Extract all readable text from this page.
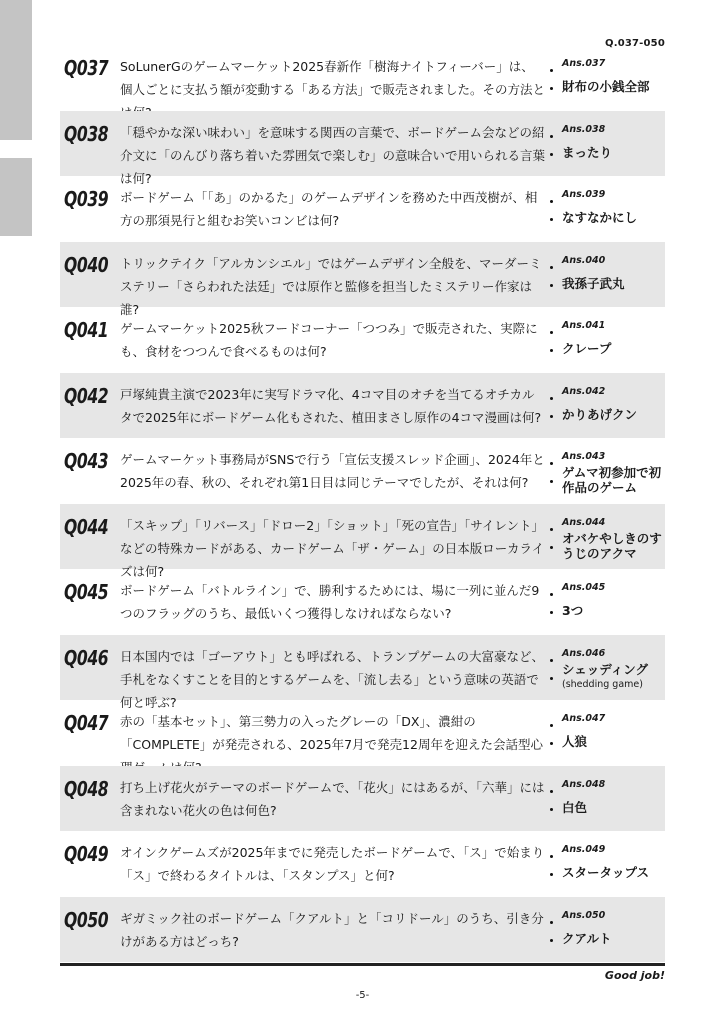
Q.037-050
Q037 SoLunerGのゲームマーケット2025春新作「樹海ナイトフィーバー」は、個人ごとに支払う額が変動する「ある方法」で販売されました。その方法と
Ans.037
財布の小銭全部
Q038 「穏やかな深い味わい」を意味する関西の言葉で、ボードゲーム会などの紹介文に「のんびり落ち着いた雰囲気で楽しむ」の意味合いで用いられる言葉は何?
Ans.038
まったり
Q039 ボードゲーム「「あ」のかるた」のゲームデザインを務めた中西茂樹が、相方の那須晃行と組むお笑いコンビは何?
Ans.039
なすなかにし
Q040 トリックテイク「アルカンシエル」ではゲームデザイン全般を、マーダーミステリー「さらわれた法廷」では原作と監修を担当したミステリー作家は誰?
Ans.040
我孫子武丸
Q041 ゲームマーケット2025秋フードコーナー「つつみ」で販売された、実際にも、食材をつつんで食べるものは何?
Ans.041
クレープ
Q042 戸塚純貴主演で2023年に実写ドラマ化、4コマ目のオチを当てるオチカルタで2025年にボードゲーム化もされた、植田まさし原作の4コマ漫画は何?
Ans.042
かりあげクン
Q043 ゲームマーケット事務局がSNSで行う「宣伝支援スレッド企画」、2024年と2025年の春、秋の、それぞれ第1日目は同じテーマでしたが、それは何?
Ans.043
ゲムマ初参加で初作品のゲーム
Q044 「スキップ」「リバース」「ドロー2」「ショット」「死の宣告」「サイレント」などの特殊カードがある、カードゲーム「ザ・ゲーム」の日本版ローカライズは何?
Ans.044
オバケやしきのすうじのアクマ
Q045 ボードゲーム「バトルライン」で、勝利するためには、場に一列に並んだ9つのフラッグのうち、最低いくつ獲得しなければならない?
Ans.045
3つ
Q046 日本国内では「ゴーアウト」とも呼ばれる、トランプゲームの大富豪など、手札をなくすことを目的とするゲームを、「流し去る」という意味の英語で何と呼ぶ?
Ans.046
シェッディング
(shedding game)
Q047 赤の「基本セット」、第三勢力の入ったグレーの「DX」、濃紺の「COMPLETE」が発売される、2025年7月で発売12周年を迎えた会話型心
Ans.047
人狼
Q048 打ち上げ花火がテーマのボードゲームで、「花火」にはあるが、「六華」には含まれない花火の色は何色?
Ans.048
白色
Q049 オインクゲームズが2025年までに発売したボードゲームで、「ス」で始まり「ス」で終わるタイトルは、「スタンプス」と何?
Ans.049
スタータップス
Q050 ギガミック社のボードゲーム「クアルト」と「コリドール」のうち、引き分けがある方はどっち?
Ans.050
クアルト
Good job!
-5-
